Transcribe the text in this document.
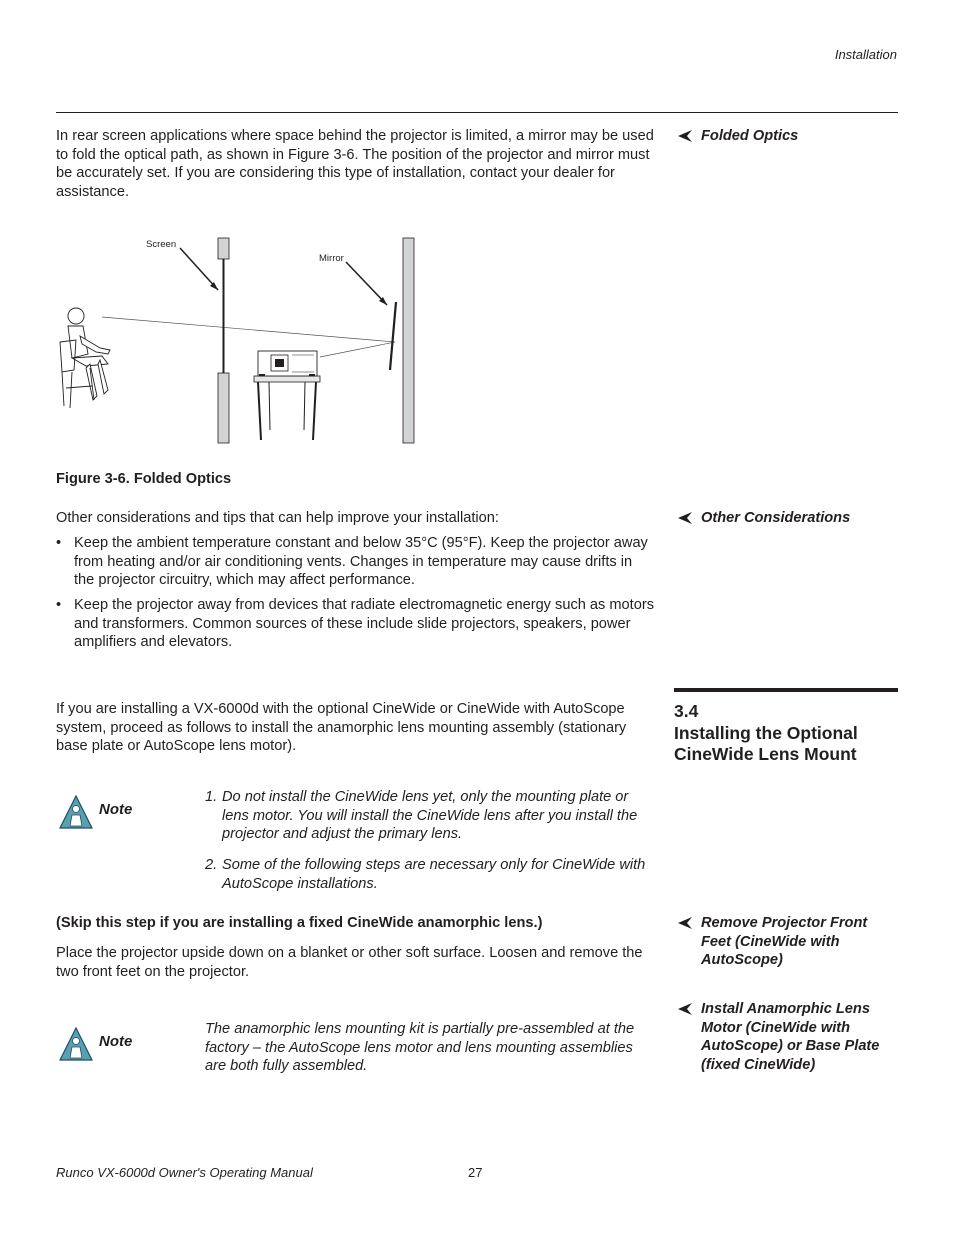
Installation
Folded Optics
In rear screen applications where space behind the projector is limited, a mirror may be used to fold the optical path, as shown in Figure 3-6. The position of the projector and mirror must be accurately set. If you are considering this type of installation, contact your dealer for assistance.
Screen
Mirror
Figure 3-6. Folded Optics
Other Considerations
Other considerations and tips that can help improve your installation:
• Keep the ambient temperature constant and below 35°C (95°F). Keep the projector away from heating and/or air conditioning vents. Changes in temperature may cause drifts in the projector circuitry, which may affect performance.
• Keep the projector away from devices that radiate electromagnetic energy such as motors and transformers. Common sources of these include slide projectors, speakers, power amplifiers and elevators.
3.4
Installing the Optional
CineWide Lens Mount
If you are installing a VX-6000d with the optional CineWide or CineWide with AutoScope system, proceed as follows to install the anamorphic lens mounting assembly (stationary base plate or AutoScope lens motor).
Note
1. Do not install the CineWide lens yet, only the mounting plate or lens motor. You will install the CineWide lens after you install the projector and adjust the primary lens.
2. Some of the following steps are necessary only for CineWide with AutoScope installations.
Remove Projector Front Feet (CineWide with AutoScope)
(Skip this step if you are installing a fixed CineWide anamorphic lens.)
Place the projector upside down on a blanket or other soft surface. Loosen and remove the two front feet on the projector.
Install Anamorphic Lens Motor (CineWide with AutoScope) or Base Plate (fixed CineWide)
Note
The anamorphic lens mounting kit is partially pre-assembled at the factory – the AutoScope lens motor and lens mounting assemblies are both fully assembled.
Runco VX-6000d Owner's Operating Manual	27
